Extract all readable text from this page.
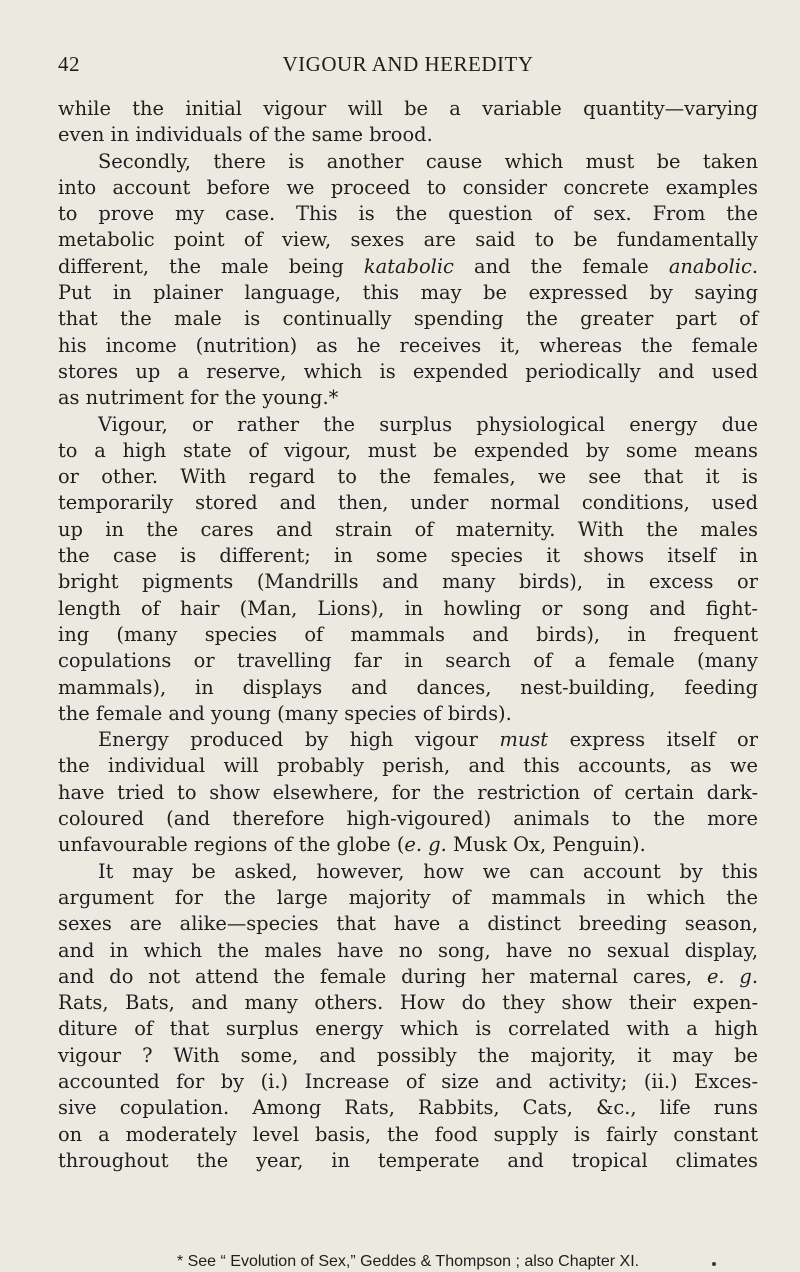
42	VIGOUR AND HEREDITY
while the initial vigour will be a variable quantity—varying
even in individuals of the same brood.
Secondly, there is another cause which must be taken
into account before we proceed to consider concrete examples
to prove my case. This is the question of sex. From the
metabolic point of view, sexes are said to be fundamentally
different, the male being katabolic and the female anabolic.
Put in plainer language, this may be expressed by saying
that the male is continually spending the greater part of
his income (nutrition) as he receives it, whereas the female
stores up a reserve, which is expended periodically and used
as nutriment for the young.*
Vigour, or rather the surplus physiological energy due
to a high state of vigour, must be expended by some means
or other. With regard to the females, we see that it is
temporarily stored and then, under normal conditions, used
up in the cares and strain of maternity. With the males
the case is different; in some species it shows itself in
bright pigments (Mandrills and many birds), in excess or
length of hair (Man, Lions), in howling or song and fight-
ing (many species of mammals and birds), in frequent
copulations or travelling far in search of a female (many
mammals), in displays and dances, nest-building, feeding
the female and young (many species of birds).
Energy produced by high vigour must express itself or
the individual will probably perish, and this accounts, as we
have tried to show elsewhere, for the restriction of certain dark-
coloured (and therefore high-vigoured) animals to the more
unfavourable regions of the globe (e. g. Musk Ox, Penguin).
It may be asked, however, how we can account by this
argument for the large majority of mammals in which the
sexes are alike—species that have a distinct breeding season,
and in which the males have no song, have no sexual display,
and do not attend the female during her maternal cares, e. g.
Rats, Bats, and many others. How do they show their expen-
diture of that surplus energy which is correlated with a high
vigour ? With some, and possibly the majority, it may be
accounted for by (i.) Increase of size and activity; (ii.) Exces-
sive copulation. Among Rats, Rabbits, Cats, &c., life runs
on a moderately level basis, the food supply is fairly constant
throughout the year, in temperate and tropical climates
* See “ Evolution of Sex,” Geddes & Thompson ; also Chapter XI.
